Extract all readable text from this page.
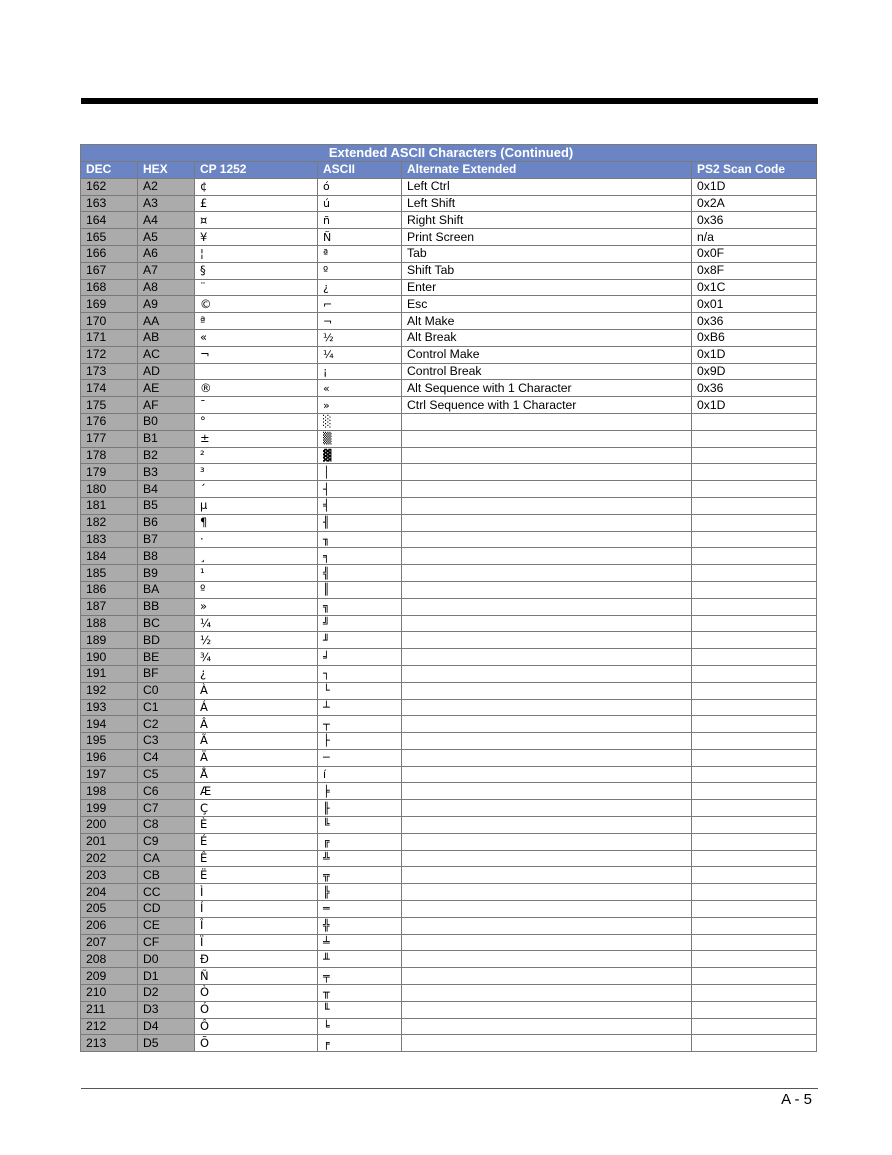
Extended ASCII Characters (Continued)					
DEC	HEX	CP 1252	ASCII	Alternate Extended	PS2 Scan Code
162	A2	¢	ó	Left Ctrl	0x1D
163	A3	£	ú	Left Shift	0x2A
164	A4	¤	ñ	Right Shift	0x36
165	A5	¥	Ñ	Print Screen	n/a
166	A6	¦	ª	Tab	0x0F
167	A7	§	º	Shift Tab	0x8F
168	A8	¨	¿	Enter	0x1C
169	A9	©	⌐	Esc	0x01
170	AA	ª	¬	Alt Make	0x36
171	AB	«	½	Alt Break	0xB6
172	AC	¬	¼	Control Make	0x1D
173	AD		¡	Control Break	0x9D
174	AE	®	«	Alt Sequence with 1 Character	0x36
175	AF	¯	»	Ctrl Sequence with 1 Character	0x1D
176	B0	°	░		
177	B1	±	▒		
178	B2	²	▓		
179	B3	³	│		
180	B4	´	┤		
181	B5	µ	╡		
182	B6	¶	╢		
183	B7	·	╖		
184	B8	¸	╕		
185	B9	¹	╣		
186	BA	º	║		
187	BB	»	╗		
188	BC	¼	╝		
189	BD	½	╜		
190	BE	¾	╛		
191	BF	¿	┐		
192	C0	À	└		
193	C1	Á	┴		
194	C2	Â	┬		
195	C3	Ã	├		
196	C4	Ä	─		
197	C5	Å	í		
198	C6	Æ	╞		
199	C7	Ç	╟		
200	C8	È	╚		
201	C9	É	╔		
202	CA	Ê	╩		
203	CB	Ë	╦		
204	CC	Ì	╠		
205	CD	Í	═		
206	CE	Î	╬		
207	CF	Ï	╧		
208	D0	Ð	╨		
209	D1	Ñ	╤		
210	D2	Ò	╥		
211	D3	Ó	╙		
212	D4	Ô	╘		
213	D5	Õ	╒		
A - 5
